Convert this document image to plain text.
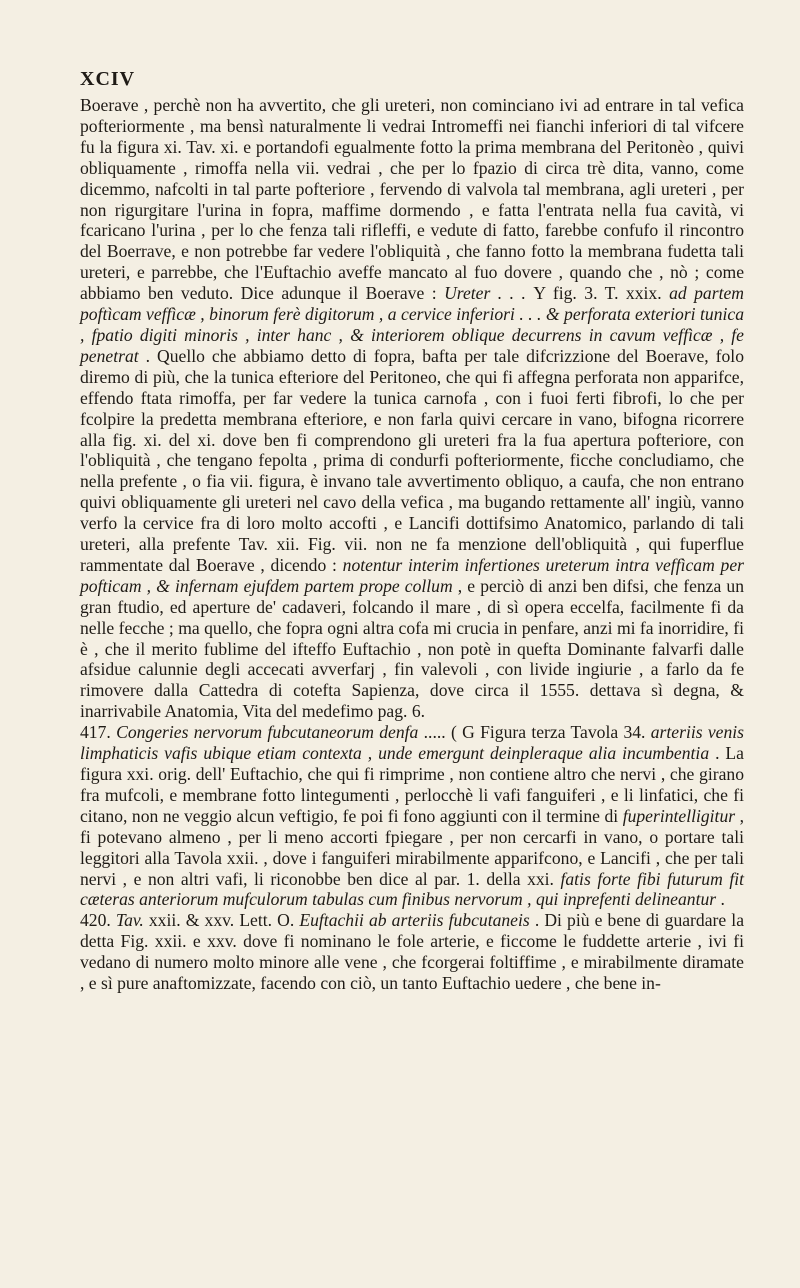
XCIV

Boerave , perchè non ha avvertito, che gli ureteri, non cominciano ivi ad entrare in tal vefica pofteriormente , ma bensì naturalmente li vedrai Intromeffi nei fianchi inferiori di tal vifcere fu la figura xi. Tav. xi. e portandofi egualmente fotto la prima membrana del Peritonèo , quivi obliquamente , rimoffa nella vii. vedrai , che per lo fpazio di circa trè dita, vanno, come dicemmo, nafcolti in tal parte pofteriore , fervendo di valvola tal membrana, agli ureteri , per non rigurgitare l'urina in fopra, maffime dormendo , e fatta l'entrata nella fua cavità, vi fcaricano l'urina , per lo che fenza tali rifleffi, e vedute di fatto, farebbe confufo il rincontro del Boerrave, e non potrebbe far vedere l'obliquità , che fanno fotto la membrana fudetta tali ureteri, e parrebbe, che l'Euftachio aveffe mancato al fuo dovere , quando che , nò ; come abbiamo ben veduto. Dice adunque il Boerave : Ureter . . . Y fig. 3. T. xxix. ad partem poftìcam veffìcæ , binorum ferè digitorum , a cervice inferiori . . . & perforata exteriori tunica , fpatio digiti minoris , inter hanc , & interiorem oblique decurrens in cavum veffìcæ , fe penetrat . Quello che abbiamo detto di fopra, bafta per tale difcrizzione del Boerave, folo diremo di più, che la tunica efteriore del Peritoneo, che qui fi affegna perforata non apparifce, effendo ftata rimoffa, per far vedere la tunica carnofa , con i fuoi ferti fibrofi, lo che per fcolpire la predetta membrana efteriore, e non farla quivi cercare in vano, bifogna ricorrere alla fig. xi. del xi. dove ben fi comprendono gli ureteri fra la fua apertura pofteriore, con l'obliquità , che tengano fepolta , prima di condurfi pofteriormente, ficche concludiamo, che nella prefente , o fia vii. figura, è invano tale avvertimento obliquo, a caufa, che non entrano quivi obliquamente gli ureteri nel cavo della vefica , ma bugando rettamente all' ingiù, vanno verfo la cervice fra di loro molto accofti , e Lancifi dottifsimo Anatomico, parlando di tali ureteri, alla prefente Tav. xii. Fig. vii. non ne fa menzione dell'obliquità , qui fuperflue rammentate dal Boerave , dicendo : notentur interim infertiones ureterum intra veffìcam per pofticam , & infernam ejufdem partem prope collum , e perciò di anzi ben difsi, che fenza un gran ftudio, ed aperture de' cadaveri, folcando il mare , di sì opera eccelfa, facilmente fi da nelle fecche ; ma quello, che fopra ogni altra cofa mi crucia in penfare, anzi mi fa inorridire, fi è , che il merito fublime del ifteffo Euftachio , non potè in quefta Dominante falvarfi dalle afsidue calunnie degli accecati avverfarj , fin valevoli , con livide ingiurie , a farlo da fe rimovere dalla Cattedra di cotefta Sapienza, dove circa il 1555. dettava sì degna, & inarrivabile Anatomia, Vita del medefimo pag. 6.

417. Congeries nervorum fubcutaneorum denfa ..... ( G Figura terza Tavola 34. arteriis venis limphaticis vafis ubique etiam contexta , unde emergunt deinpleraque alia incumbentia . La figura xxi. orig. dell' Euftachio, che qui fi rimprime , non contiene altro che nervi , che girano fra mufcoli, e membrane fotto lintegumenti , perlocchè li vafi fanguiferi , e li linfatici, che fi citano, non ne veggio alcun veftigio, fe poi fi fono aggiunti con il termine di fuperintelligitur , fi potevano almeno , per li meno accorti fpiegare , per non cercarfi in vano, o portare tali leggitori alla Tavola xxii. , dove i fanguiferi mirabilmente apparifcono, e Lancifi , che per tali nervi , e non altri vafi, li riconobbe ben dice al par. 1. della xxi. fatis forte fibi futurum fit cæteras anteriorum mufculorum tabulas cum finibus nervorum , qui inprefenti delineantur .

420. Tav. xxii. & xxv. Lett. O. Euftachii ab arteriis fubcutaneis . Di più e bene di guardare la detta Fig. xxii. e xxv. dove fi nominano le fole arterie, e ficcome le fuddette arterie , ivi fi vedano di numero molto minore alle vene , che fcorgerai foltiffime , e mirabilmente diramate , e sì pure anaftomizzate, facendo con ciò, un tanto Euftachio uedere , che bene in-
